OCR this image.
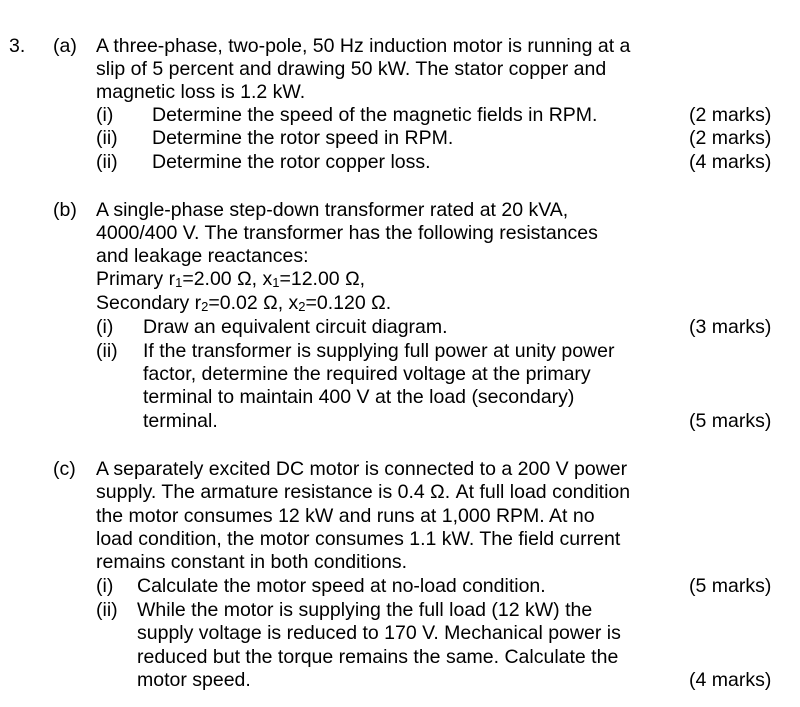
3. (a) A three-phase, two-pole, 50 Hz induction motor is running at a
slip of 5 percent and drawing 50 kW. The stator copper and
magnetic loss is 1.2 kW.
(i) Determine the speed of the magnetic fields in RPM.	(2 marks)
(ii) Determine the rotor speed in RPM.	(2 marks)
(ii) Determine the rotor copper loss.	(4 marks)
(b) A single-phase step-down transformer rated at 20 kVA,
4000/400 V. The transformer has the following resistances
and leakage reactances:
Primary $r_1=2.00$ Ω, $x_1=12.00$ Ω,
Secondary $r_2=0.02$ Ω, $x_2=0.120$ Ω.
(i) Draw an equivalent circuit diagram.	(3 marks)
(ii) If the transformer is supplying full power at unity power
factor, determine the required voltage at the primary
terminal to maintain 400 V at the load (secondary)
terminal.	(5 marks)
(c) A separately excited DC motor is connected to a 200 V power
supply. The armature resistance is 0.4 Ω. At full load condition
the motor consumes 12 kW and runs at 1,000 RPM. At no
load condition, the motor consumes 1.1 kW. The field current
remains constant in both conditions.
(i) Calculate the motor speed at no-load condition.	(5 marks)
(ii) While the motor is supplying the full load (12 kW) the
supply voltage is reduced to 170 V. Mechanical power is
reduced but the torque remains the same. Calculate the
motor speed.	(4 marks)
